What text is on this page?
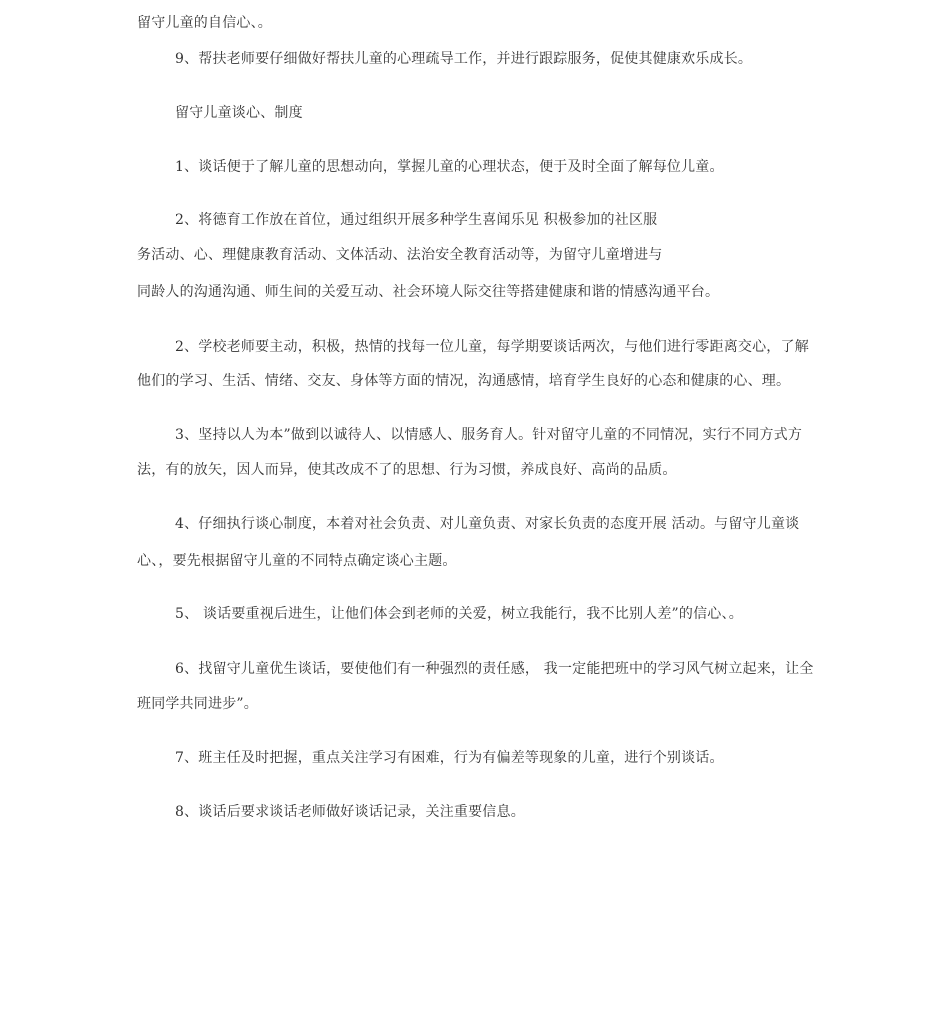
留守儿童的自信心、。
9、帮扶老师要仔细做好帮扶儿童的心理疏导工作，并进行跟踪服务，促使其健康欢乐成长。
留守儿童谈心、制度
1、谈话便于了解儿童的思想动向，掌握儿童的心理状态，便于及时全面了解每位儿童。
2、将德育工作放在首位，通过组织开展多种学生喜闻乐见 积极参加的社区服
务活动、心、理健康教育活动、文体活动、法治安全教育活动等，为留守儿童增进与
同龄人的沟通沟通、师生间的关爱互动、社会环境人际交往等搭建健康和谐的情感沟通平台。
2、学校老师要主动，积极，热情的找每一位儿童，每学期要谈话两次，与他们进行零距离交心，了解
他们的学习、生活、情绪、交友、身体等方面的情况，沟通感情，培育学生良好的心态和健康的心、理。
3、坚持以人为本”做到以诚待人、以情感人、服务育人。针对留守儿童的不同情况，实行不同方式方
法，有的放矢，因人而异，使其改成不了的思想、行为习惯，养成良好、高尚的品质。
4、仔细执行谈心制度，本着对社会负责、对儿童负责、对家长负责的态度开展 活动。与留守儿童谈
心、，要先根据留守儿童的不同特点确定谈心主题。
5、 谈话要重视后进生，让他们体会到老师的关爱，树立我能行，我不比别人差”的信心、。
6、找留守儿童优生谈话，要使他们有一种强烈的责任感， 我一定能把班中的学习风气树立起来，让全
班同学共同进步”。
7、班主任及时把握，重点关注学习有困难，行为有偏差等现象的儿童，进行个别谈话。
8、谈话后要求谈话老师做好谈话记录，关注重要信息。
